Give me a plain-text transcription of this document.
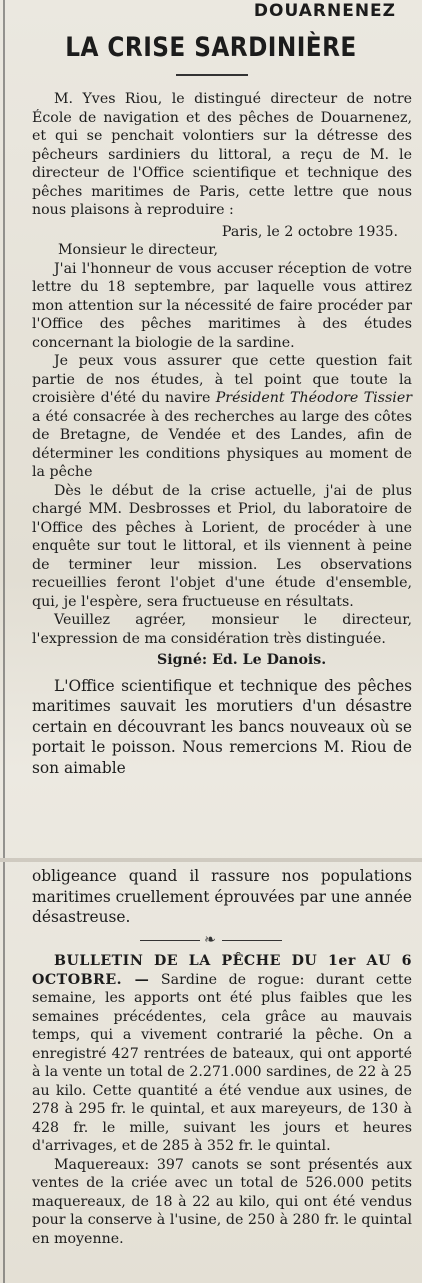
DOUARNENEZ
LA CRISE SARDINIÈRE

M. Yves Riou, le distingué directeur de notre École de navigation et des pêches de Douarnenez, et qui se penchait volontiers sur la détresse des pêcheurs sardiniers du littoral, a reçu de M. le directeur de l'Office scientifique et technique des pêches maritimes de Paris, cette lettre que nous nous plaisons à reproduire :

Paris, le 2 octobre 1935.

Monsieur le directeur,

J'ai l'honneur de vous accuser réception de votre lettre du 18 septembre, par laquelle vous attirez mon attention sur la nécessité de faire procéder par l'Office des pêches maritimes à des études concernant la biologie de la sardine.

Je peux vous assurer que cette question fait partie de nos études, à tel point que toute la croisière d'été du navire Président Théodore Tissier a été consacrée à des recherches au large des côtes de Bretagne, de Vendée et des Landes, afin de déterminer les conditions physiques au moment de la pêche

Dès le début de la crise actuelle, j'ai de plus chargé MM. Desbrosses et Priol, du laboratoire de l'Office des pêches à Lorient, de procéder à une enquête sur tout le littoral, et ils viennent à peine de terminer leur mission. Les observations recueillies feront l'objet d'une étude d'ensemble, qui, je l'espère, sera fructueuse en résultats.

Veuillez agréer, monsieur le directeur, l'expression de ma considération très distinguée.

Signé: Ed. Le Danois.

L'Office scientifique et technique des pêches maritimes sauvait les morutiers d'un désastre certain en découvrant les bancs nouveaux où se portait le poisson. Nous remercions M. Riou de son aimable

obligeance quand il rassure nos populations maritimes cruellement éprouvées par une année désastreuse.

❧

BULLETIN DE LA PÊCHE DU 1er AU 6 OCTOBRE. — Sardine de rogue: durant cette semaine, les apports ont été plus faibles que les semaines précédentes, cela grâce au mauvais temps, qui a vivement contrarié la pêche. On a enregistré 427 rentrées de bateaux, qui ont apporté à la vente un total de 2.271.000 sardines, de 22 à 25 au kilo. Cette quantité a été vendue aux usines, de 278 à 295 fr. le quintal, et aux mareyeurs, de 130 à 428 fr. le mille, suivant les jours et heures d'arrivages, et de 285 à 352 fr. le quintal.

Maquereaux: 397 canots se sont présentés aux ventes de la criée avec un total de 526.000 petits maquereaux, de 18 à 22 au kilo, qui ont été vendus pour la conserve à l'usine, de 250 à 280 fr. le quintal en moyenne.
